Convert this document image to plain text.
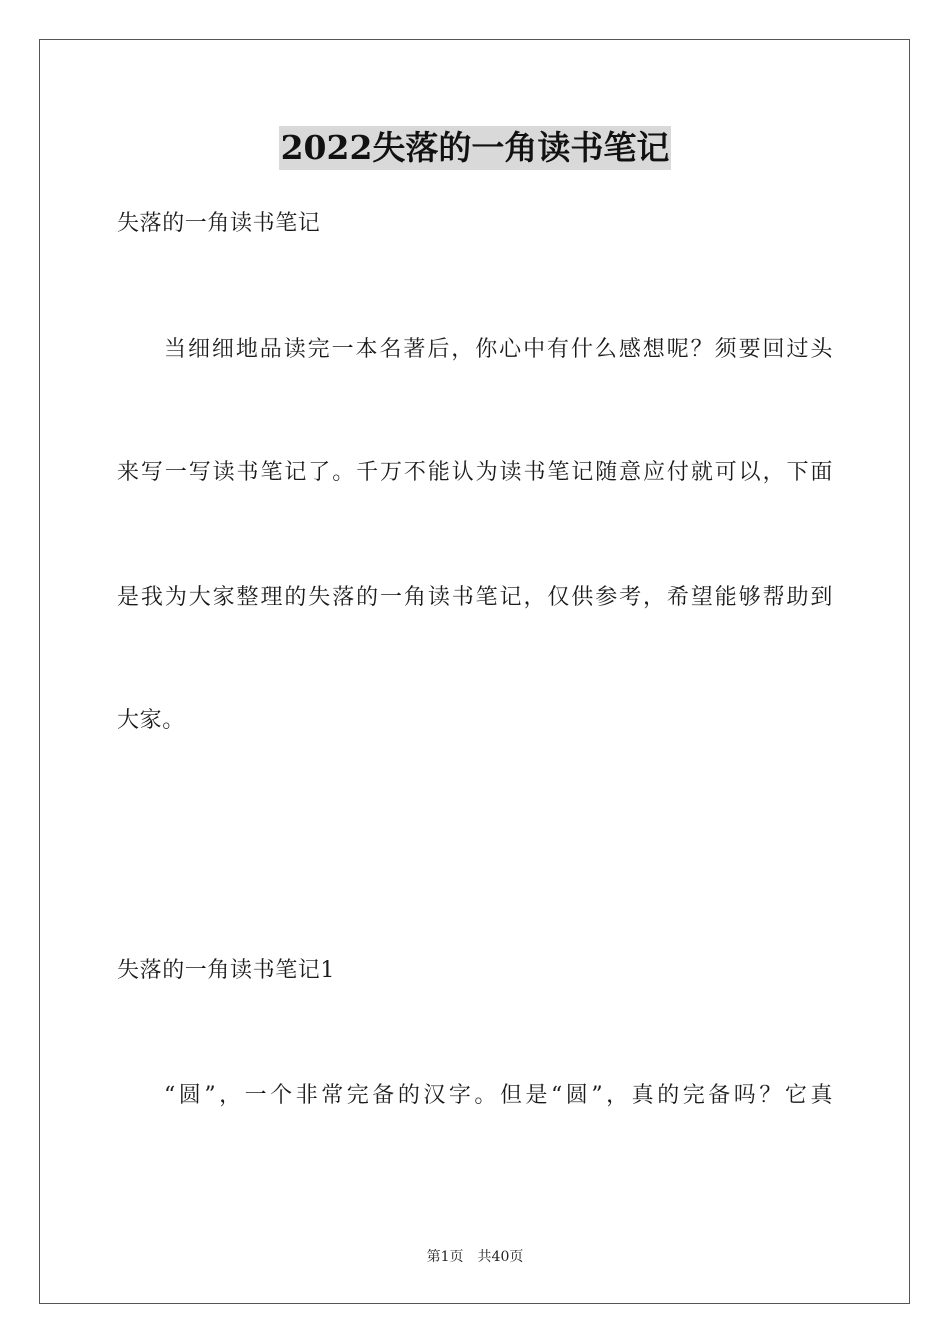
2022失落的一角读书笔记
失落的一角读书笔记
当细细地品读完一本名著后，你心中有什么感想呢？须要回过头
来写一写读书笔记了。千万不能认为读书笔记随意应付就可以，下面
是我为大家整理的失落的一角读书笔记，仅供参考，希望能够帮助到
大家。
失落的一角读书笔记1
“圆”，一个非常完备的汉字。但是“圆”，真的完备吗？它真
第1页 共40页
